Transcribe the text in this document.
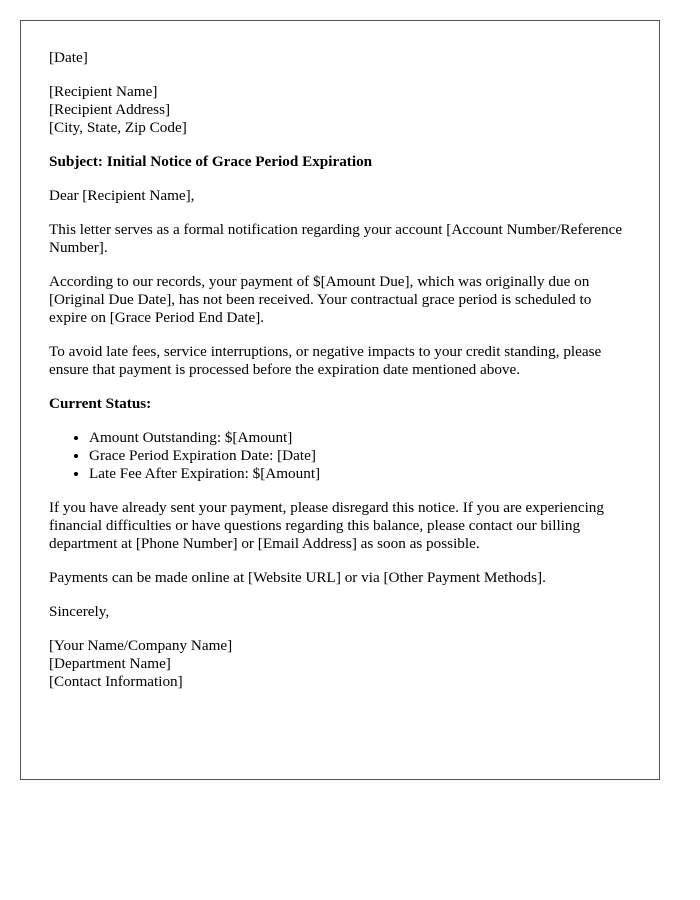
[Date]

[Recipient Name]
[Recipient Address]
[City, State, Zip Code]

Subject: Initial Notice of Grace Period Expiration

Dear [Recipient Name],

This letter serves as a formal notification regarding your account [Account Number/Reference Number].

According to our records, your payment of $[Amount Due], which was originally due on [Original Due Date], has not been received. Your contractual grace period is scheduled to expire on [Grace Period End Date].

To avoid late fees, service interruptions, or negative impacts to your credit standing, please ensure that payment is processed before the expiration date mentioned above.

Current Status:

• Amount Outstanding: $[Amount]
• Grace Period Expiration Date: [Date]
• Late Fee After Expiration: $[Amount]

If you have already sent your payment, please disregard this notice. If you are experiencing financial difficulties or have questions regarding this balance, please contact our billing department at [Phone Number] or [Email Address] as soon as possible.

Payments can be made online at [Website URL] or via [Other Payment Methods].

Sincerely,

[Your Name/Company Name]
[Department Name]
[Contact Information]
